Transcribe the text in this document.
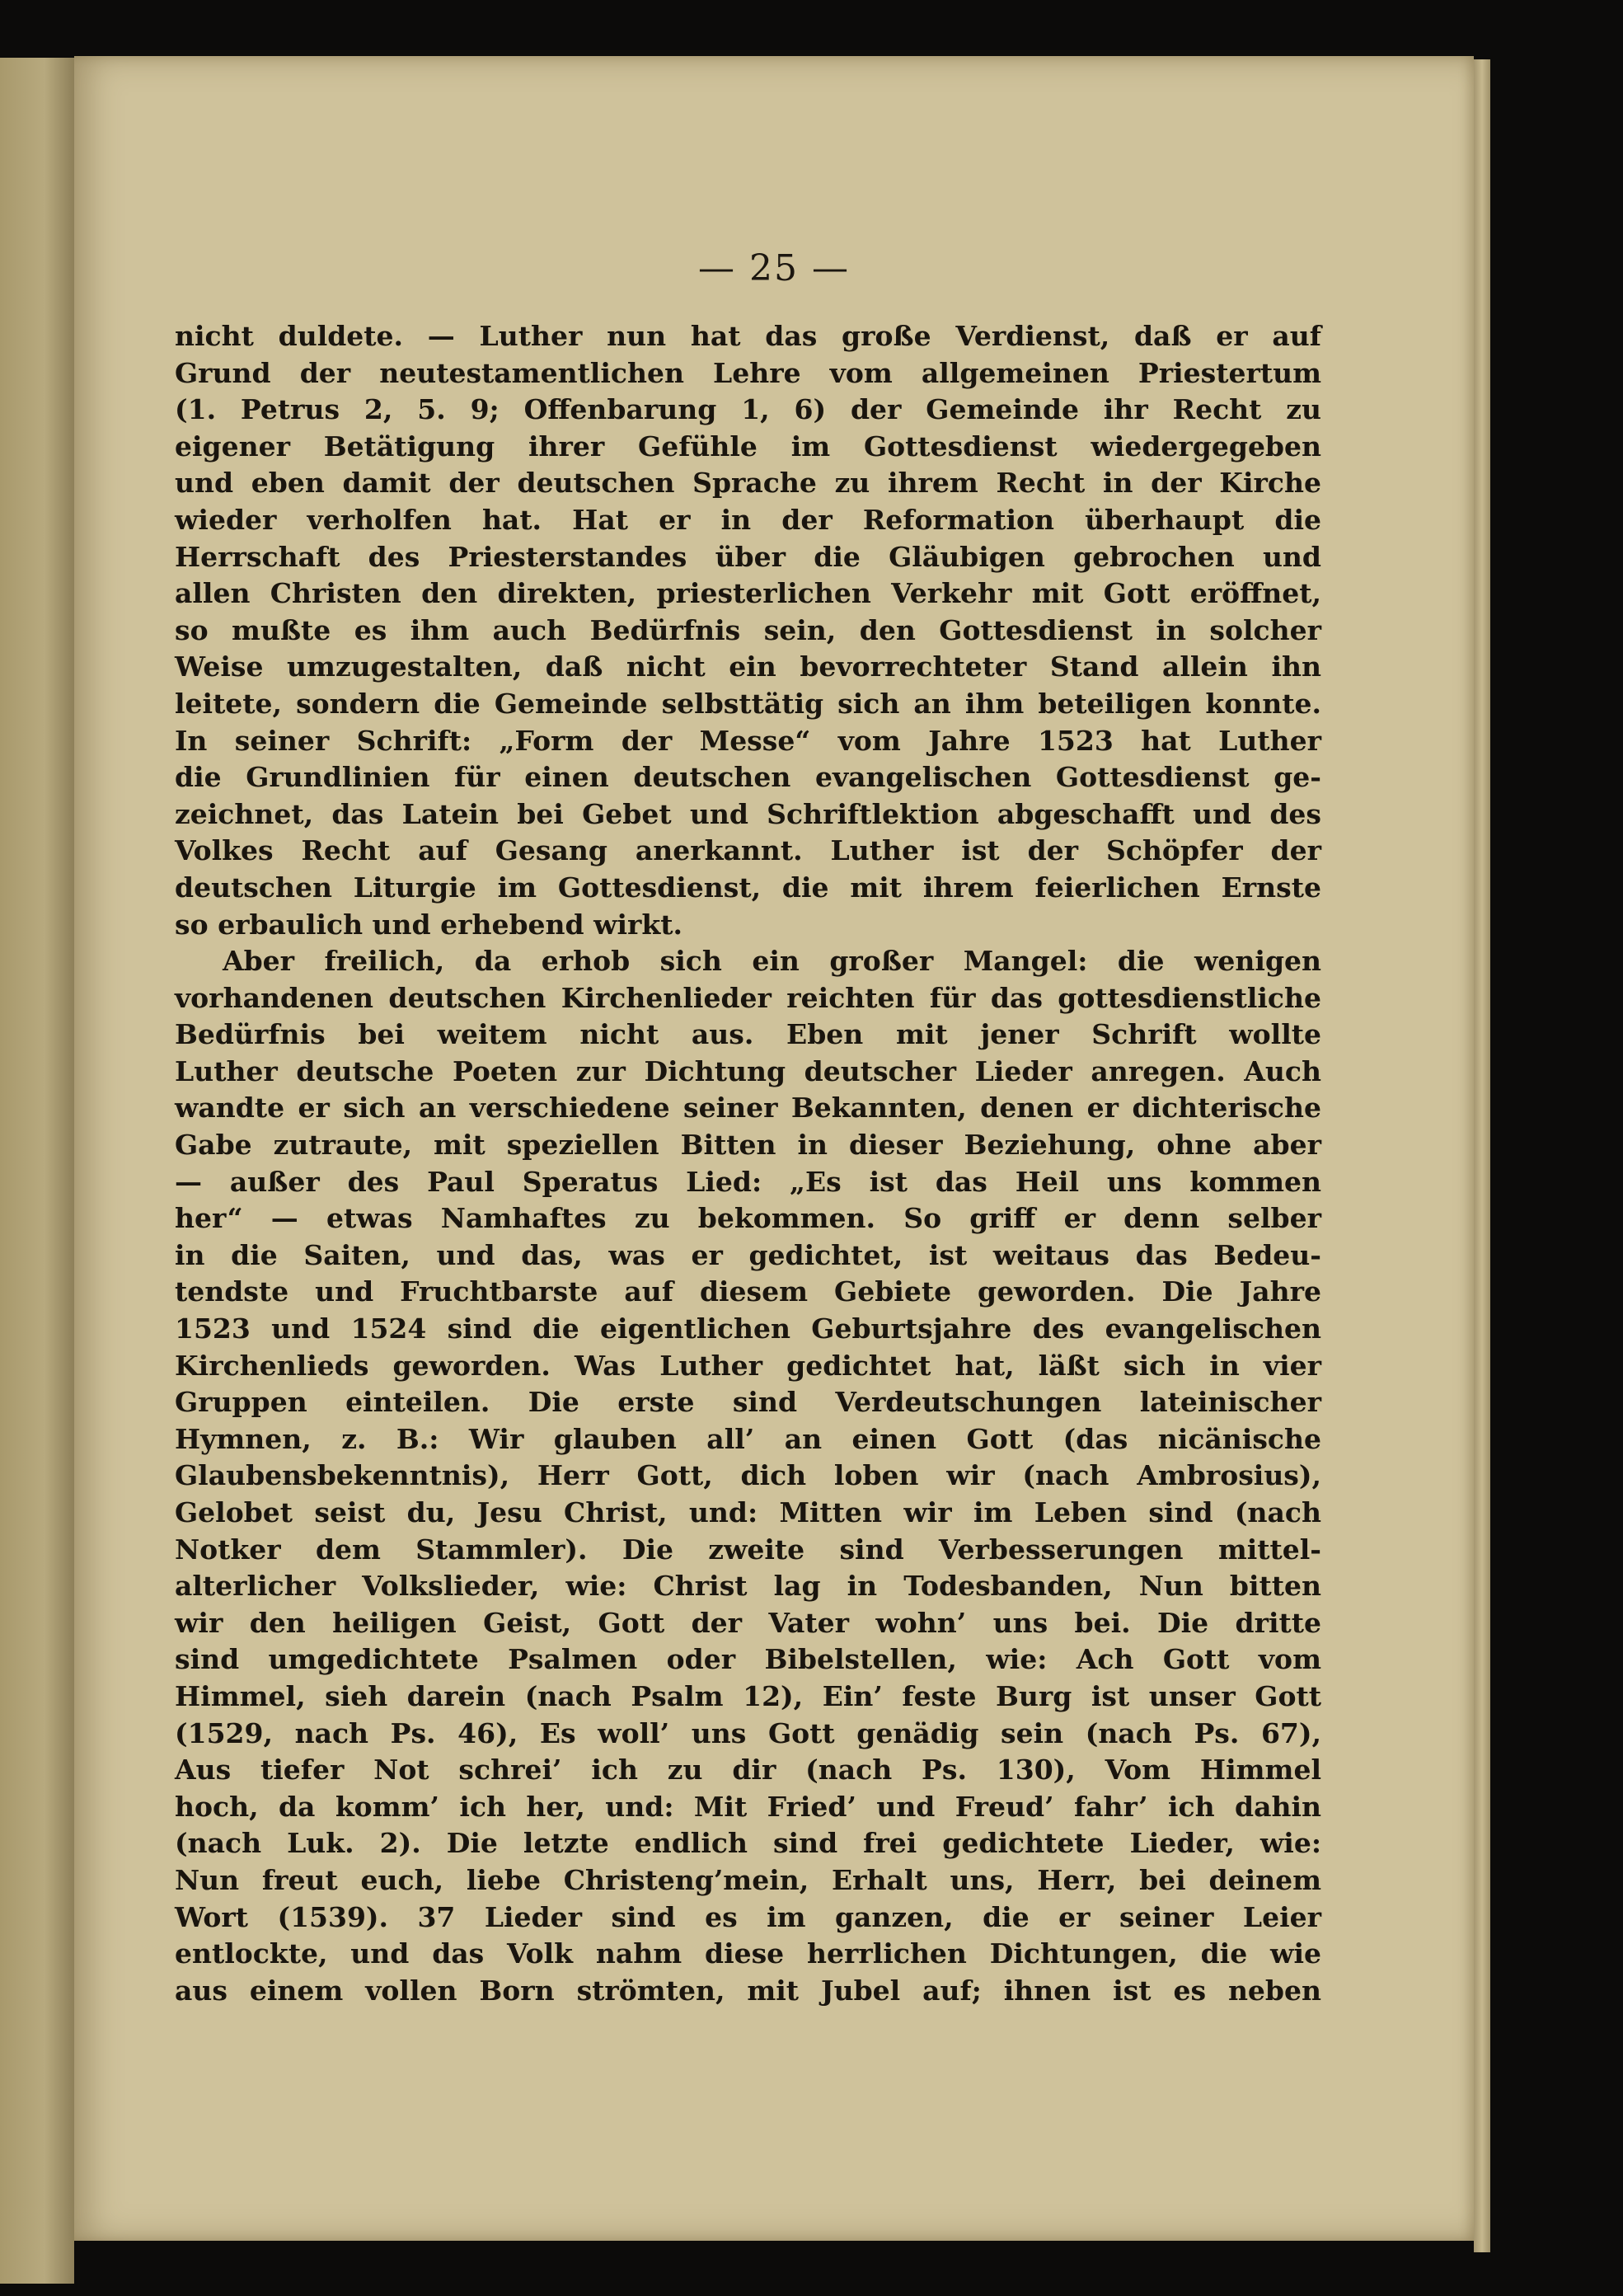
— 25 —
nicht duldete. — Luther nun hat das große Verdienst, daß er auf
Grund der neutestamentlichen Lehre vom allgemeinen Priestertum
(1. Petrus 2, 5. 9; Offenbarung 1, 6) der Gemeinde ihr Recht zu
eigener Betätigung ihrer Gefühle im Gottesdienst wiedergegeben
und eben damit der deutschen Sprache zu ihrem Recht in der Kirche
wieder verholfen hat. Hat er in der Reformation überhaupt die
Herrschaft des Priesterstandes über die Gläubigen gebrochen und
allen Christen den direkten, priesterlichen Verkehr mit Gott eröffnet,
so mußte es ihm auch Bedürfnis sein, den Gottesdienst in solcher
Weise umzugestalten, daß nicht ein bevorrechteter Stand allein ihn
leitete, sondern die Gemeinde selbsttätig sich an ihm beteiligen konnte.
In seiner Schrift: „Form der Messe“ vom Jahre 1523 hat Luther
die Grundlinien für einen deutschen evangelischen Gottesdienst ge-
zeichnet, das Latein bei Gebet und Schriftlektion abgeschafft und des
Volkes Recht auf Gesang anerkannt. Luther ist der Schöpfer der
deutschen Liturgie im Gottesdienst, die mit ihrem feierlichen Ernste
so erbaulich und erhebend wirkt.
Aber freilich, da erhob sich ein großer Mangel: die wenigen
vorhandenen deutschen Kirchenlieder reichten für das gottesdienstliche
Bedürfnis bei weitem nicht aus. Eben mit jener Schrift wollte
Luther deutsche Poeten zur Dichtung deutscher Lieder anregen. Auch
wandte er sich an verschiedene seiner Bekannten, denen er dichterische
Gabe zutraute, mit speziellen Bitten in dieser Beziehung, ohne aber
— außer des Paul Speratus Lied: „Es ist das Heil uns kommen
her“ — etwas Namhaftes zu bekommen. So griff er denn selber
in die Saiten, und das, was er gedichtet, ist weitaus das Bedeu-
tendste und Fruchtbarste auf diesem Gebiete geworden. Die Jahre
1523 und 1524 sind die eigentlichen Geburtsjahre des evangelischen
Kirchenlieds geworden. Was Luther gedichtet hat, läßt sich in vier
Gruppen einteilen. Die erste sind Verdeutschungen lateinischer
Hymnen, z. B.: Wir glauben all’ an einen Gott (das nicänische
Glaubensbekenntnis), Herr Gott, dich loben wir (nach Ambrosius),
Gelobet seist du, Jesu Christ, und: Mitten wir im Leben sind (nach
Notker dem Stammler). Die zweite sind Verbesserungen mittel-
alterlicher Volkslieder, wie: Christ lag in Todesbanden, Nun bitten
wir den heiligen Geist, Gott der Vater wohn’ uns bei. Die dritte
sind umgedichtete Psalmen oder Bibelstellen, wie: Ach Gott vom
Himmel, sieh darein (nach Psalm 12), Ein’ feste Burg ist unser Gott
(1529, nach Ps. 46), Es woll’ uns Gott genädig sein (nach Ps. 67),
Aus tiefer Not schrei’ ich zu dir (nach Ps. 130), Vom Himmel
hoch, da komm’ ich her, und: Mit Fried’ und Freud’ fahr’ ich dahin
(nach Luk. 2). Die letzte endlich sind frei gedichtete Lieder, wie:
Nun freut euch, liebe Christeng’mein, Erhalt uns, Herr, bei deinem
Wort (1539). 37 Lieder sind es im ganzen, die er seiner Leier
entlockte, und das Volk nahm diese herrlichen Dichtungen, die wie
aus einem vollen Born strömten, mit Jubel auf; ihnen ist es neben
